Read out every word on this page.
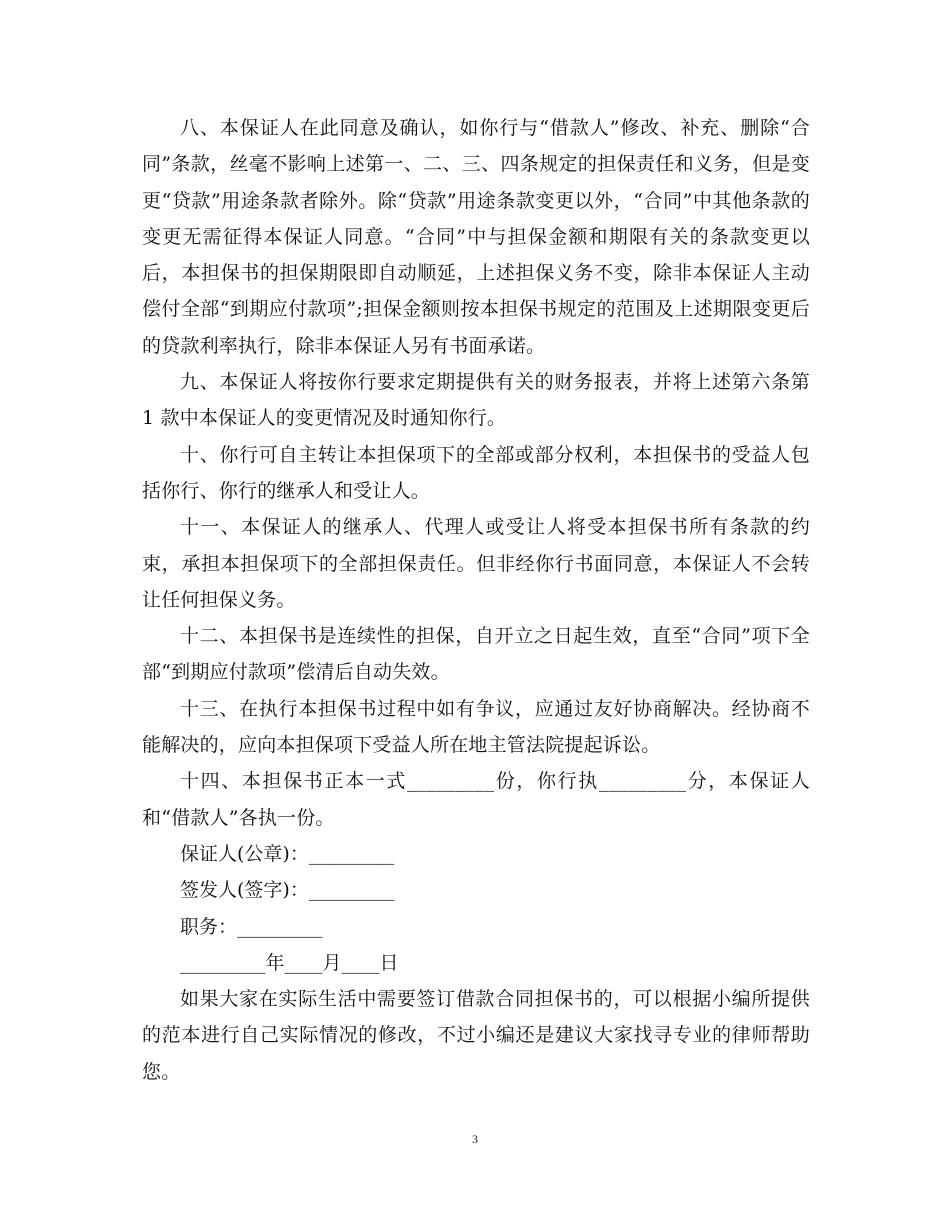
八、本保证人在此同意及确认，如你行与“借款人”修改、补充、删除“合同”条款，丝毫不影响上述第一、二、三、四条规定的担保责任和义务，但是变更“贷款”用途条款者除外。除“贷款”用途条款变更以外，“合同”中其他条款的变更无需征得本保证人同意。“合同”中与担保金额和期限有关的条款变更以后，本担保书的担保期限即自动顺延，上述担保义务不变，除非本保证人主动偿付全部“到期应付款项”;担保金额则按本担保书规定的范围及上述期限变更后的贷款利率执行，除非本保证人另有书面承诺。

九、本保证人将按你行要求定期提供有关的财务报表，并将上述第六条第 1 款中本保证人的变更情况及时通知你行。

十、你行可自主转让本担保项下的全部或部分权利，本担保书的受益人包括你行、你行的继承人和受让人。

十一、本保证人的继承人、代理人或受让人将受本担保书所有条款的约束，承担本担保项下的全部担保责任。但非经你行书面同意，本保证人不会转让任何担保义务。

十二、本担保书是连续性的担保，自开立之日起生效，直至“合同”项下全部“到期应付款项”偿清后自动失效。

十三、在执行本担保书过程中如有争议，应通过友好协商解决。经协商不能解决的，应向本担保项下受益人所在地主管法院提起诉讼。

十四、本担保书正本一式_________份，你行执_________分，本保证人和“借款人”各执一份。

保证人(公章)：_________

签发人(签字)：_________

职务：_________

_________年____月____日

如果大家在实际生活中需要签订借款合同担保书的，可以根据小编所提供的范本进行自己实际情况的修改，不过小编还是建议大家找寻专业的律师帮助您。

3
